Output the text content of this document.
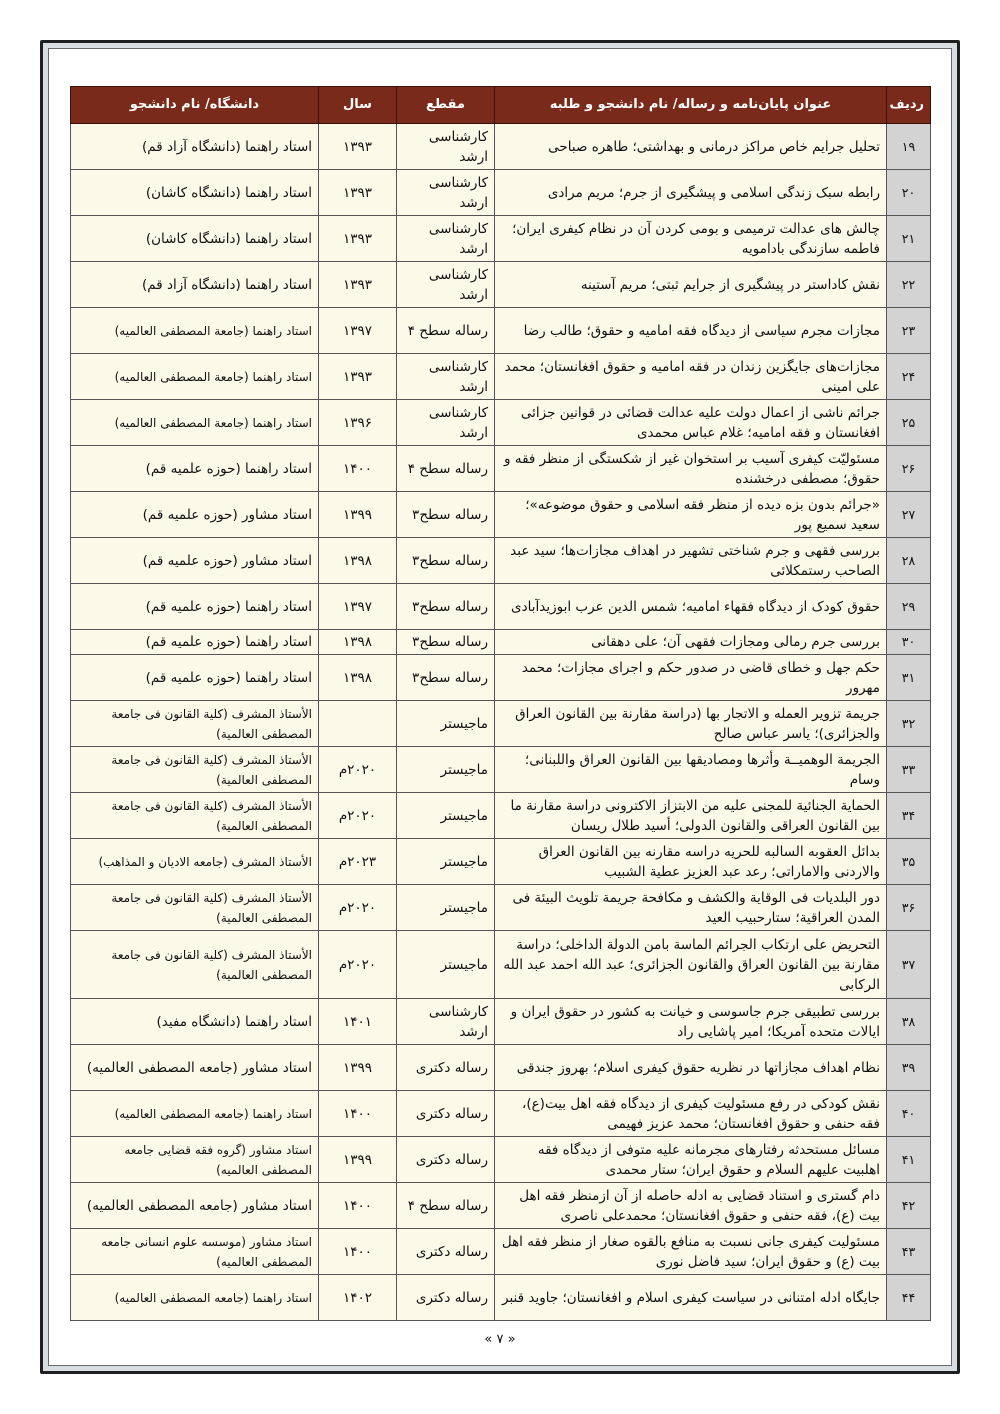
ردیف	عنوان پایان‌نامه و رساله/ نام دانشجو و طلبه	مقطع	سال	دانشگاه/ نام دانشجو
۱۹	تحلیل جرایم خاص مراکز درمانی و بهداشتی؛ طاهره صباحی	کارشناسی ارشد	۱۳۹۳	استاد راهنما (دانشگاه آزاد قم)
۲۰	رابطه سبک زندگی اسلامی و پیشگیری از جرم؛ مریم مرادی	کارشناسی ارشد	۱۳۹۳	استاد راهنما (دانشگاه کاشان)
۲۱	چالش های عدالت ترمیمی و بومی کردن آن در نظام کیفری ایران؛ فاطمه سازندگی بادامویه	کارشناسی ارشد	۱۳۹۳	استاد راهنما (دانشگاه کاشان)
۲۲	نقش کاداستر در پیشگیری از جرایم ثبتی؛ مریم آستینه	کارشناسی ارشد	۱۳۹۳	استاد راهنما (دانشگاه آزاد قم)
۲۳	مجازات مجرم سیاسی از دیدگاه فقه امامیه و حقوق؛ طالب رضا	رساله سطح ۴	۱۳۹۷	استاد راهنما (جامعة المصطفی العالمیه)
۲۴	مجازات‌های جایگزین زندان در فقه امامیه و حقوق افغانستان؛ محمد علی امینی	کارشناسی ارشد	۱۳۹۳	استاد راهنما (جامعة المصطفی العالمیه)
۲۵	جرائم ناشی از اعمال دولت علیه عدالت قضائی در قوانین جزائی افغانستان و فقه امامیه؛ غلام عباس محمدی	کارشناسی ارشد	۱۳۹۶	استاد راهنما (جامعة المصطفی العالمیه)
۲۶	مسئولیّت کیفری آسیب بر استخوان غیر از شکستگی از منظر فقه و حقوق؛ مصطفی درخشنده	رساله سطح ۴	۱۴۰۰	استاد راهنما (حوزه علمیه قم)
۲۷	«جرائم بدون بزه دیده از منظر فقه اسلامی و حقوق موضوعه»؛ سعید سمیع پور	رساله سطح۳	۱۳۹۹	استاد مشاور (حوزه علمیه قم)
۲۸	بررسی فقهی و جرم شناختی تشهیر در اهداف مجازات‌ها؛ سید عبد الصاحب رستمکلائی	رساله سطح۳	۱۳۹۸	استاد مشاور (حوزه علمیه قم)
۲۹	حقوق کودک از دیدگاه فقهاء امامیه؛ شمس الدین عرب ابوزیدآبادی	رساله سطح۳	۱۳۹۷	استاد راهنما (حوزه علمیه قم)
۳۰	بررسی جرم رمالی ومجازات فقهی آن؛ علی دهقانی	رساله سطح۳	۱۳۹۸	استاد راهنما (حوزه علمیه قم)
۳۱	حکم جهل و خطای قاضی در صدور حکم و اجرای مجازات؛ محمد مهرور	رساله سطح۳	۱۳۹۸	استاد راهنما (حوزه علمیه قم)
۳۲	جریمة تزویر العمله و الاتجار بها (دراسة مقارنة بین القانون العراق والجزائری)؛ یاسر عباس صالح	ماجیستر		الأستاذ المشرف (کلیة القانون فی جامعة المصطفی العالمیة)
۳۳	الجریمة الوهمیــة وأثرها ومصادیقها بین القانون العراق واللبنانی؛ وسام	ماجیستر	۲۰۲۰م	الأستاذ المشرف (کلیة القانون فی جامعة المصطفی العالمیة)
۳۴	الحمایة الجنائیة للمجنی علیه من الابتزاز الاکترونی دراسة مقارنة ما بین القانون العراقی والقانون الدولی؛ أسید طلال ریسان	ماجیستر	۲۰۲۰م	الأستاذ المشرف (کلیة القانون فی جامعة المصطفی العالمیة)
۳۵	بدائل العقوبه السالبه للحریه دراسه مقارنه بین القانون العراق والاردنی والاماراتی؛ رعد عبد العزیز عطیة الشبیب	ماجیستر	۲۰۲۳م	الأستاذ المشرف (جامعه الادیان و المذاهب)
۳۶	دور البلدیات فی الوقایة والکشف و مکافحة جریمة تلویث البیئة فی المدن العراقیة؛ ستارحبیب العید	ماجیستر	۲۰۲۰م	الأستاذ المشرف (کلیة القانون فی جامعة المصطفی العالمیة)
۳۷	التحریض علی ارتکاب الجرائم الماسة بامن الدولة الداخلی؛ دراسة مقارنة بین القانون العراق والقانون الجزائری؛ عبد الله احمد عبد الله الرکابی	ماجیستر	۲۰۲۰م	الأستاذ المشرف (کلیة القانون فی جامعة المصطفی العالمیة)
۳۸	بررسی تطبیقی جرم جاسوسی و خیانت به کشور در حقوق ایران و ایالات متحده آمریکا؛ امیر پاشایی راد	کارشناسی ارشد	۱۴۰۱	استاد راهنما (دانشگاه مفید)
۳۹	نظام اهداف مجازاتها در نظریه حقوق کیفری اسلام؛ بهروز جندقی	رساله دکتری	۱۳۹۹	استاد مشاور (جامعه المصطفی العالمیه)
۴۰	نقش کودکی در رفع مسئولیت کیفری از دیدگاه فقه اهل بیت(ع)، فقه حنفی و حقوق افغانستان؛ محمد عزیز فهیمی	رساله دکتری	۱۴۰۰	استاد راهنما (جامعه المصطفی العالمیه)
۴۱	مسائل مستحدثه رفتارهای مجرمانه علیه متوفی از دیدگاه فقه اهلبیت علیهم السلام و حقوق ایران؛ ستار محمدی	رساله دکتری	۱۳۹۹	استاد مشاور (گروه فقه قضایی جامعه المصطفی العالمیه)
۴۲	دام گستری و استناد قضایی به ادله حاصله از آن ازمنظر فقه اهل بیت (ع)، فقه حنفی و حقوق افغانستان؛ محمدعلی ناصری	رساله سطح ۴	۱۴۰۰	استاد مشاور (جامعه المصطفی العالمیه)
۴۳	مسئولیت کیفری جانی نسبت به منافع بالقوه صغار از منظر فقه اهل بیت (ع) و حقوق ایران؛ سید فاضل نوری	رساله دکتری	۱۴۰۰	استاد مشاور (موسسه علوم انسانی جامعه المصطفی العالمیه)
۴۴	جایگاه ادله امتنانی در سیاست کیفری اسلام و افغانستان؛ جاوید قنبر	رساله دکتری	۱۴۰۲	استاد راهنما (جامعه المصطفی العالمیه)
« ۷ »
